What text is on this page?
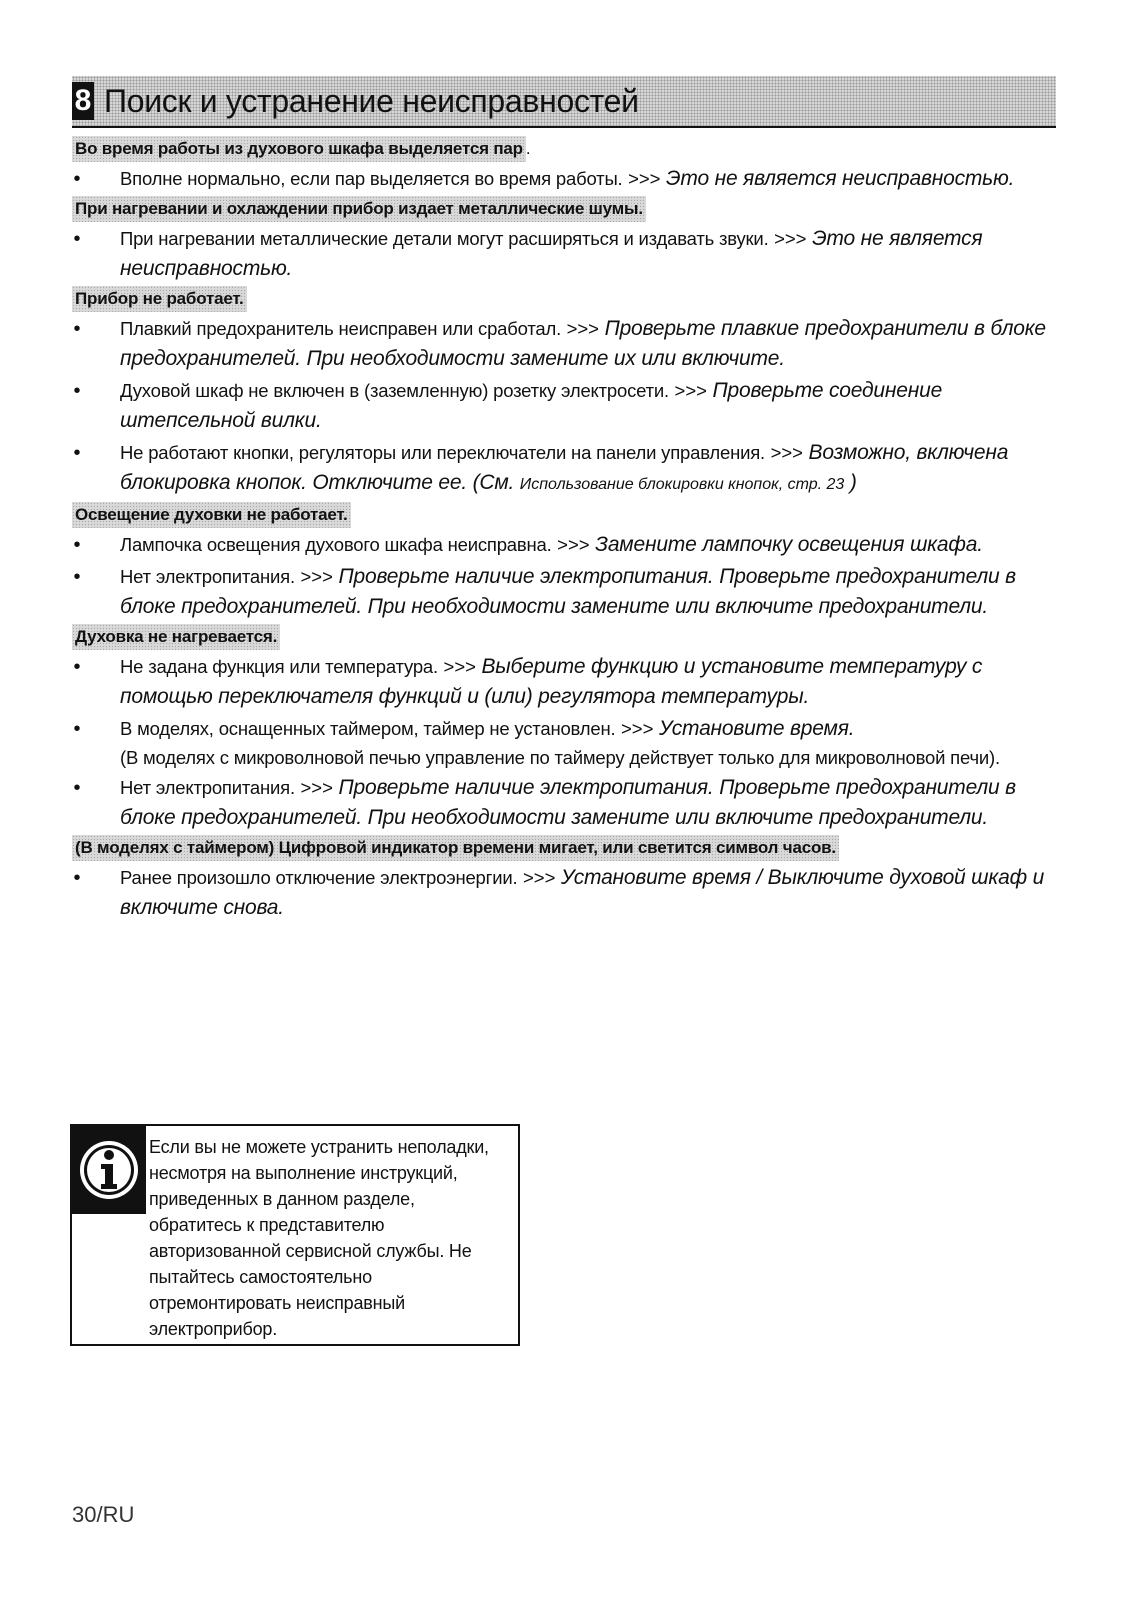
8 Поиск и устранение неисправностей
Во время работы из духового шкафа выделяется пар .
• Вполне нормально, если пар выделяется во время работы. >>> Это не является неисправностью.
При нагревании и охлаждении прибор издает металлические шумы.
• При нагревании металлические детали могут расширяться и издавать звуки. >>> Это не является неисправностью.
Прибор не работает.
• Плавкий предохранитель неисправен или сработал. >>> Проверьте плавкие предохранители в блоке предохранителей. При необходимости замените их или включите.
• Духовой шкаф не включен в (заземленную) розетку электросети. >>> Проверьте соединение штепсельной вилки.
• Не работают кнопки, регуляторы или переключатели на панели управления. >>> Возможно, включена блокировка кнопок. Отключите ее. (См. Использование блокировки кнопок, стр. 23 )
Освещение духовки не работает.
• Лампочка освещения духового шкафа неисправна. >>> Замените лампочку освещения шкафа.
• Нет электропитания. >>> Проверьте наличие электропитания. Проверьте предохранители в блоке предохранителей. При необходимости замените или включите предохранители.
Духовка не нагревается.
• Не задана функция или температура. >>> Выберите функцию и установите температуру с помощью переключателя функций и (или) регулятора температуры.
• В моделях, оснащенных таймером, таймер не установлен. >>> Установите время.
(В моделях с микроволновой печью управление по таймеру действует только для микроволновой печи).
• Нет электропитания. >>> Проверьте наличие электропитания. Проверьте предохранители в блоке предохранителей. При необходимости замените или включите предохранители.
(В моделях с таймером) Цифровой индикатор времени мигает, или светится символ часов.
• Ранее произошло отключение электроэнергии. >>> Установите время / Выключите духовой шкаф и включите снова.
Если вы не можете устранить неполадки, несмотря на выполнение инструкций, приведенных в данном разделе, обратитесь к представителю авторизованной сервисной службы. Не пытайтесь самостоятельно отремонтировать неисправный электроприбор.
30/RU
